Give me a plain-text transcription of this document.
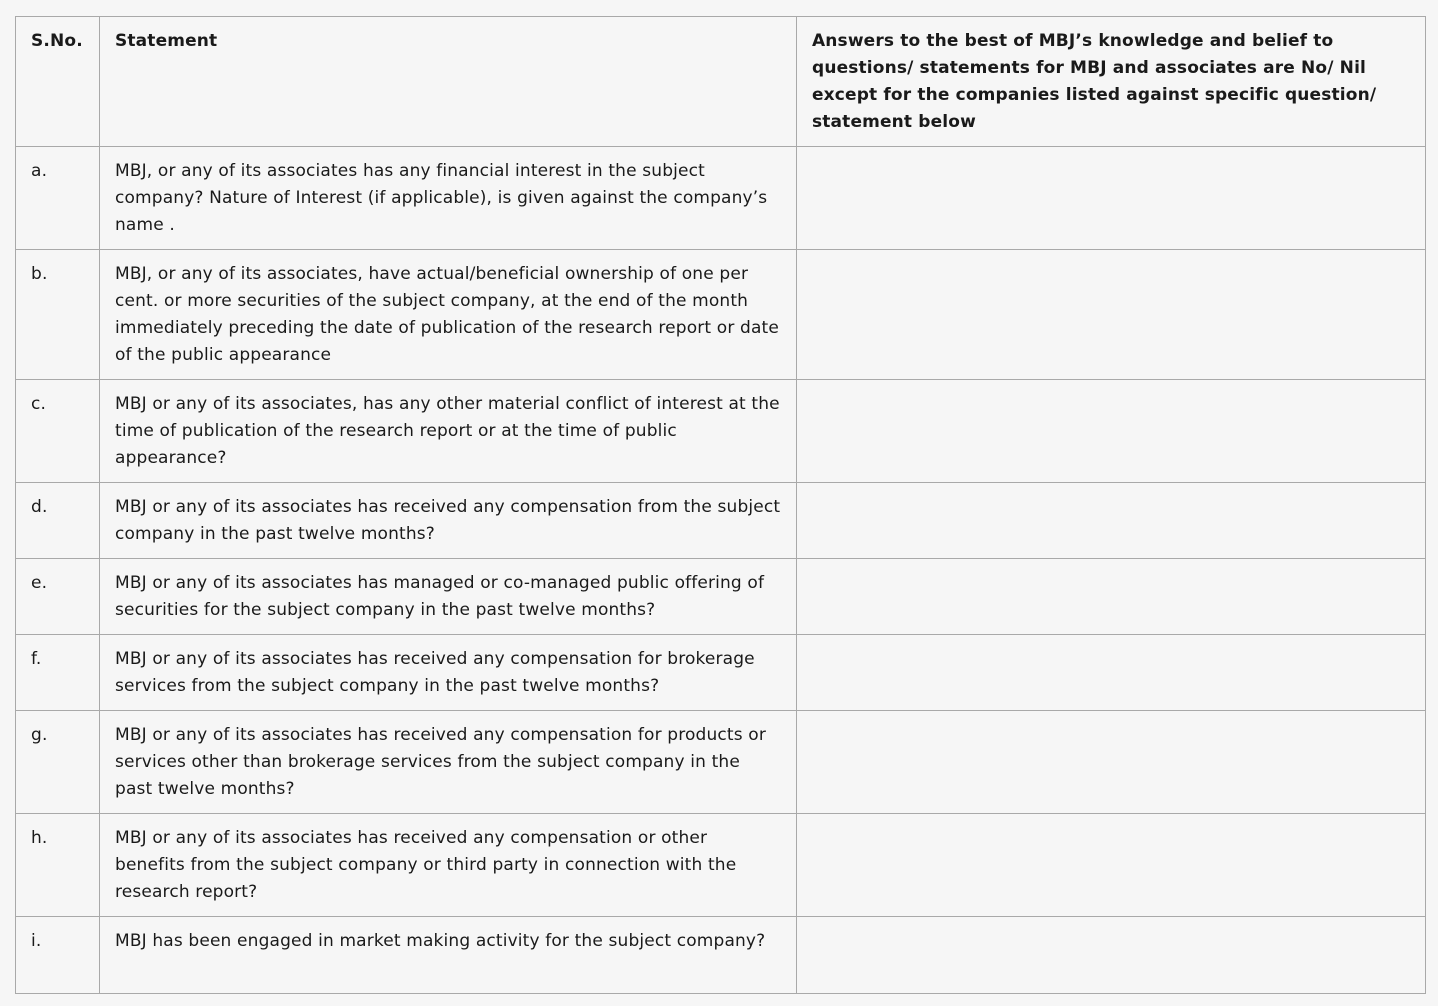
S.No.	Statement	Answers to the best of MBJ’s knowledge and belief to questions/ statements for MBJ and associates are No/ Nil except for the companies listed against specific question/ statement below
a.	MBJ, or any of its associates has any financial interest in the subject company? Nature of Interest (if applicable), is given against the company’s name .	
b.	MBJ, or any of its associates, have actual/beneficial ownership of one per cent. or more securities of the subject company, at the end of the month immediately preceding the date of publication of the research report or date of the public appearance	
c.	MBJ or any of its associates, has any other material conflict of interest at the time of publication of the research report or at the time of public appearance?	
d.	MBJ or any of its associates has received any compensation from the subject company in the past twelve months?	
e.	MBJ or any of its associates has managed or co-managed public offering of securities for the subject company in the past twelve months?	
f.	MBJ or any of its associates has received any compensation for brokerage services from the subject company in the past twelve months?	
g.	MBJ or any of its associates has received any compensation for products or services other than brokerage services from the subject company in the past twelve months?	
h.	MBJ or any of its associates has received any compensation or other benefits from the subject company or third party in connection with the research report?	
i.	MBJ has been engaged in market making activity for the subject company?	
